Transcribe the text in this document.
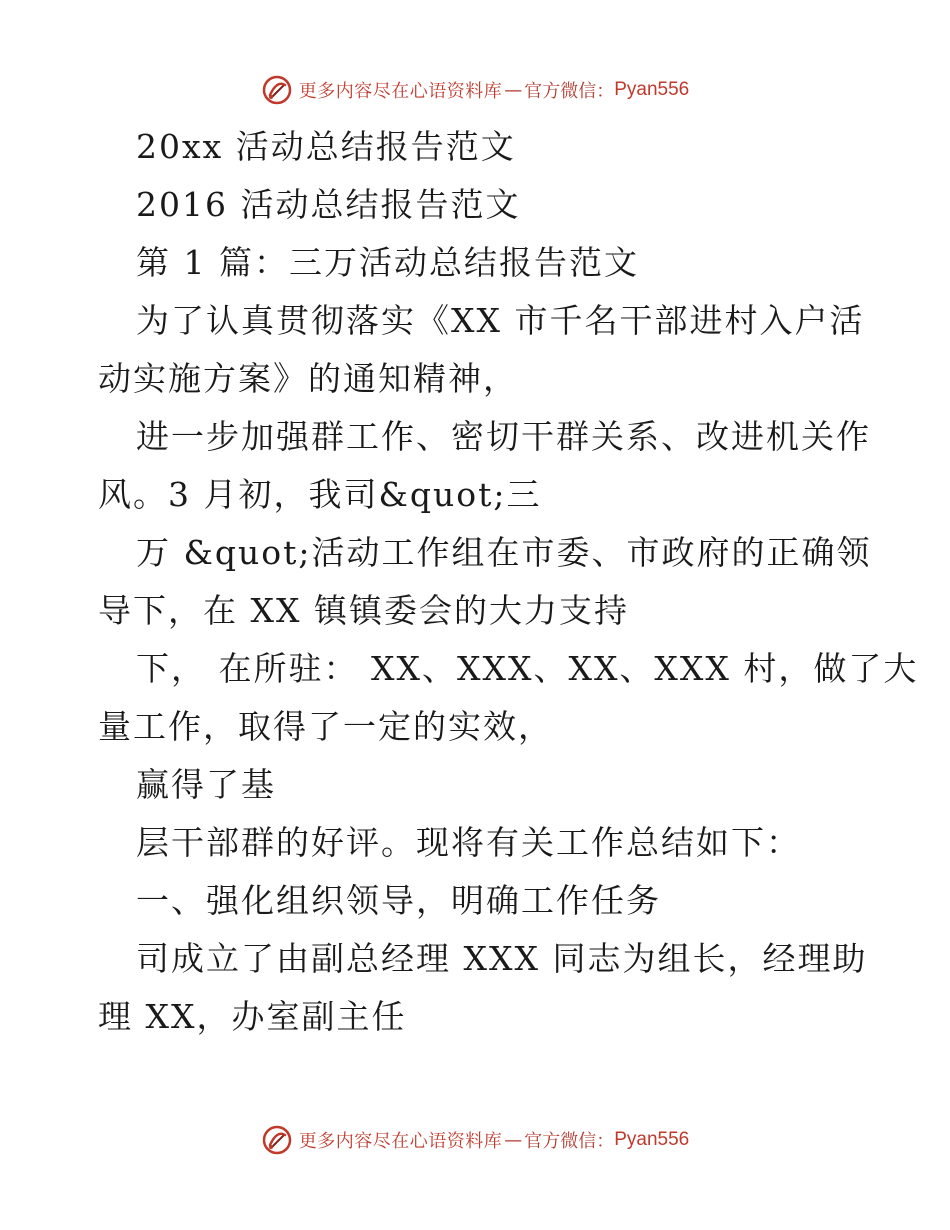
更多内容尽在心语资料库 — 官方微信： Pyan556
20xx 活动总结报告范文
2016 活动总结报告范文
第 1 篇：三万活动总结报告范文
为了认真贯彻落实《XX 市千名干部进村入户活
动实施方案》的通知精神，
进一步加强群工作、密切干群关系、改进机关作
风。3 月初，我司&quot;三
万 &quot;活动工作组在市委、市政府的正确领
导下，在 XX 镇镇委会的大力支持
下， 在所驻： XX、XXX、XX、XXX 村，做了大
量工作，取得了一定的实效，
赢得了基
层干部群的好评。现将有关工作总结如下：
一、强化组织领导，明确工作任务
司成立了由副总经理 XXX 同志为组长，经理助
理 XX，办室副主任
更多内容尽在心语资料库 — 官方微信： Pyan556
